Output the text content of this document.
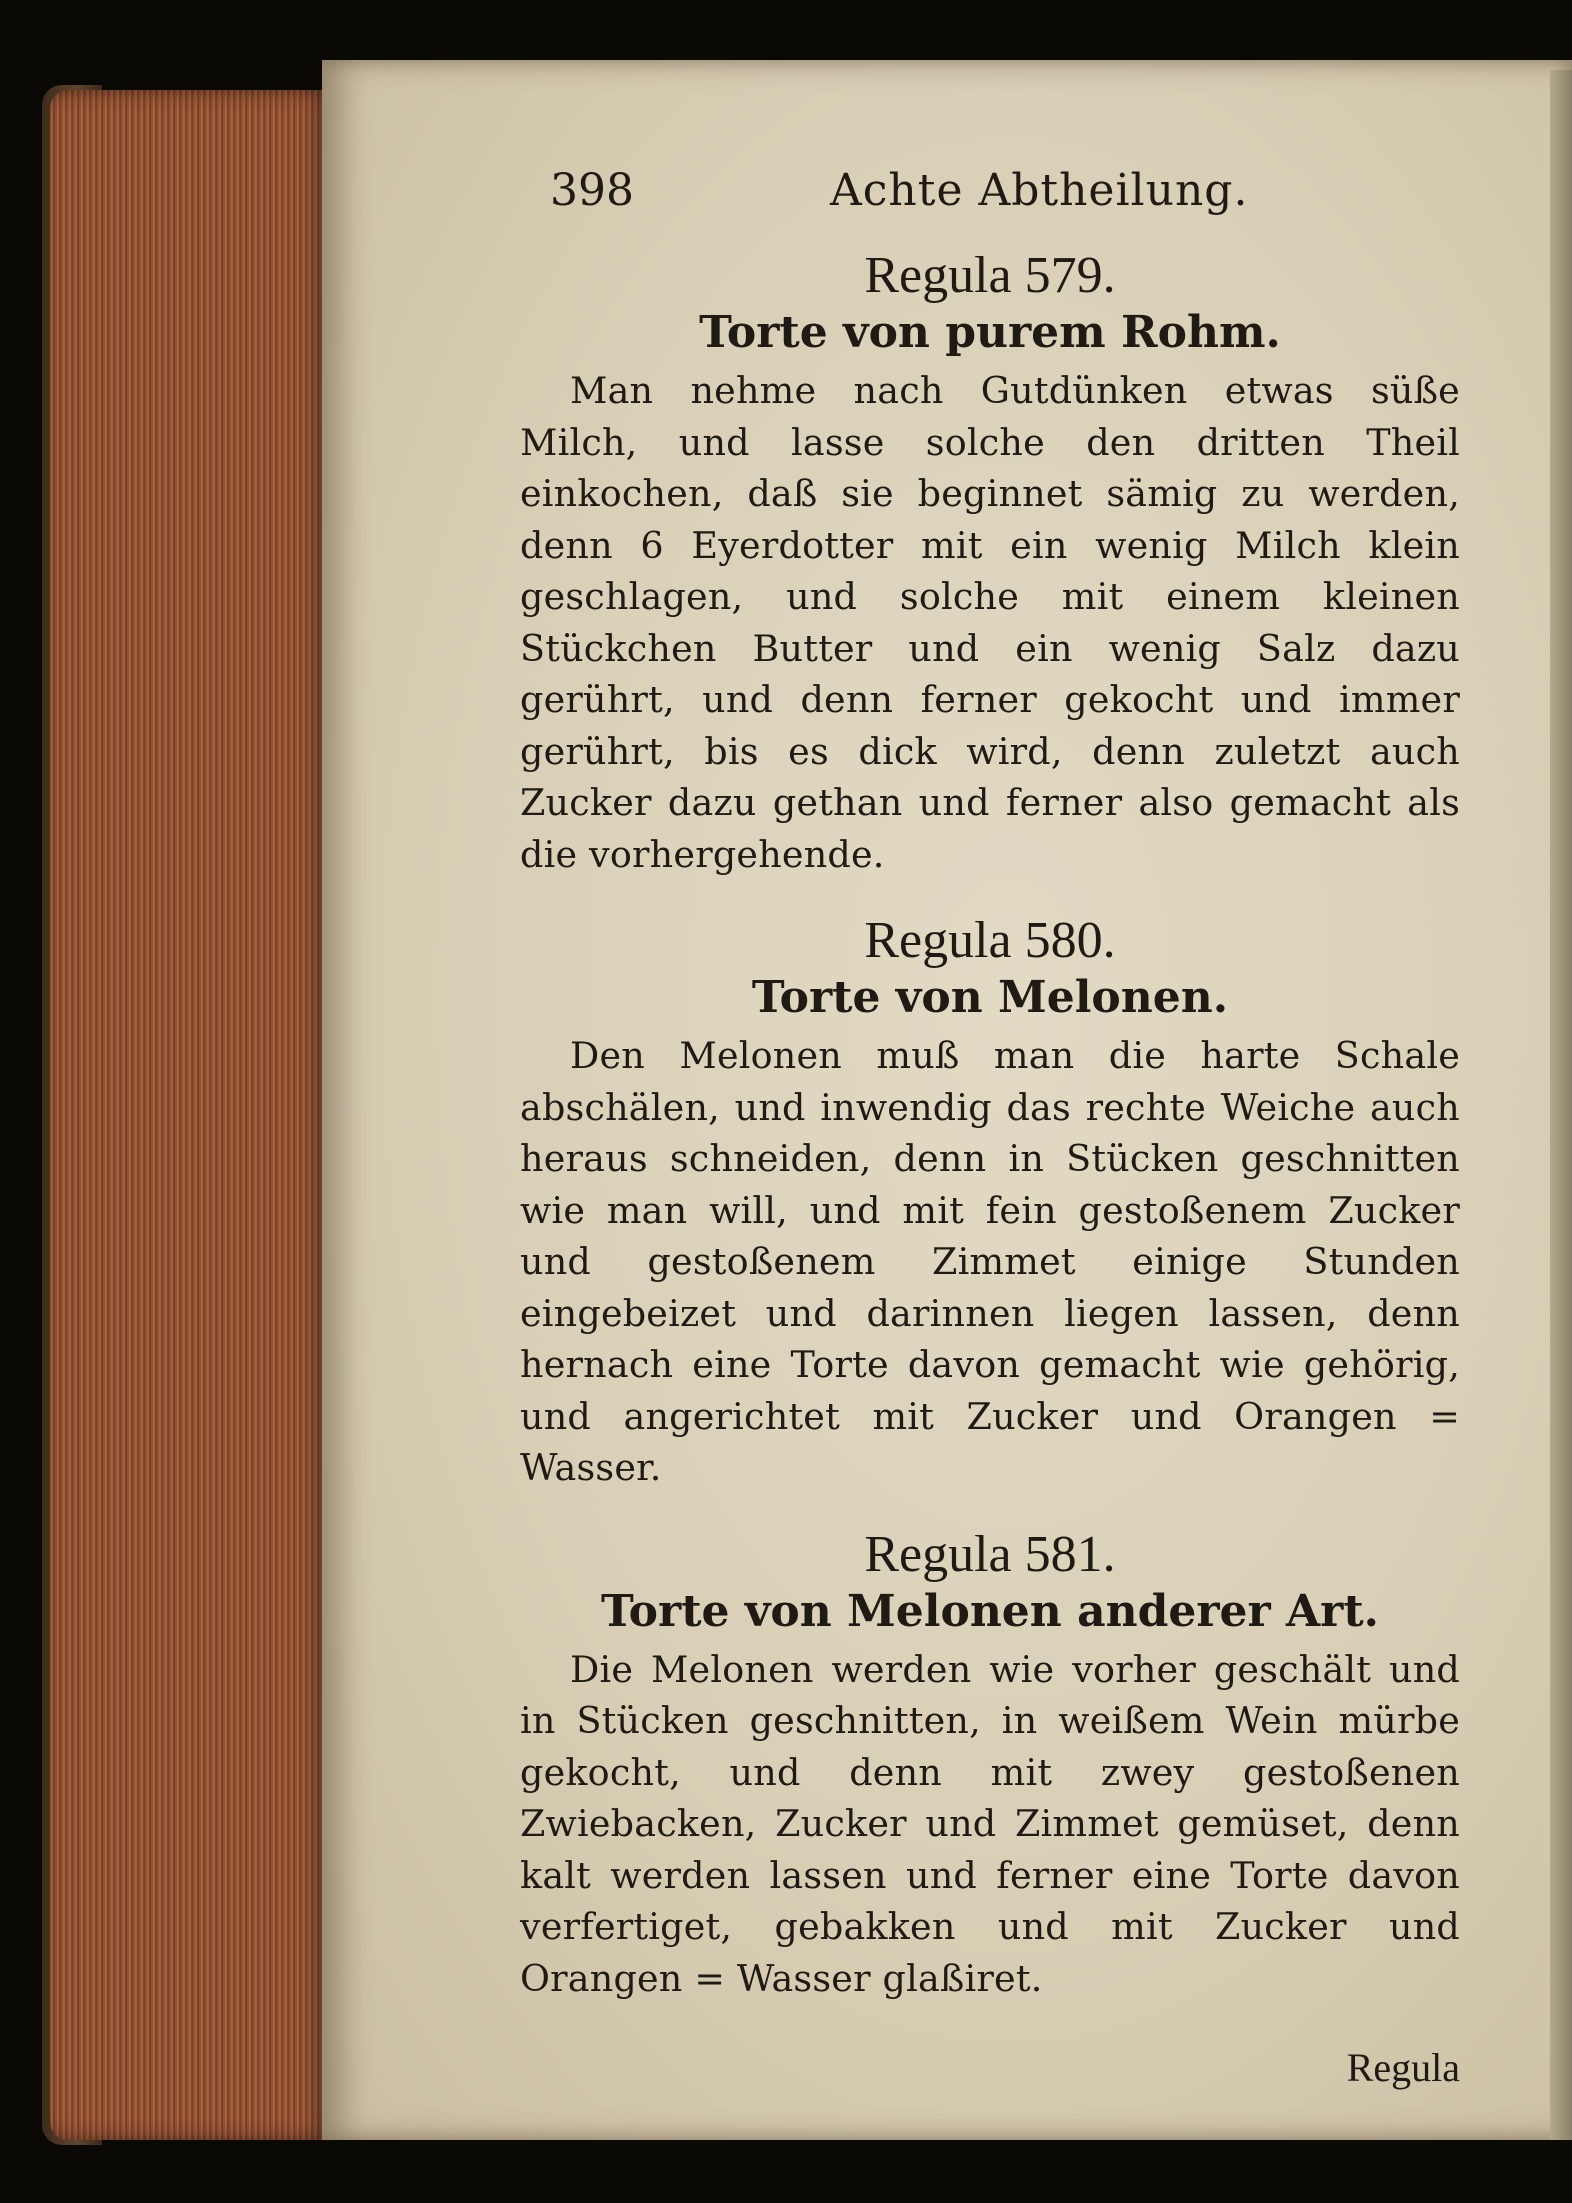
398	Achte Abtheilung.
Regula 579.
Torte von purem Rohm.

Man nehme nach Gutdünken etwas süße Milch, und lasse solche den dritten Theil einkochen, daß sie beginnet sämig zu werden, denn 6 Eyerdotter mit ein wenig Milch klein geschlagen, und solche mit einem kleinen Stückchen Butter und ein wenig Salz dazu gerührt, und denn ferner gekocht und immer gerührt, bis es dick wird, denn zuletzt auch Zucker dazu gethan und ferner also gemacht als die vorhergehende.

Regula 580.
Torte von Melonen.

Den Melonen muß man die harte Schale abschälen, und inwendig das rechte Weiche auch heraus schneiden, denn in Stücken geschnitten wie man will, und mit fein gestoßenem Zucker und gestoßenem Zimmet einige Stunden eingebeizet und darinnen liegen lassen, denn hernach eine Torte davon gemacht wie gehörig, und angerichtet mit Zucker und Orangen = Wasser.

Regula 581.
Torte von Melonen anderer Art.

Die Melonen werden wie vorher geschält und in Stücken geschnitten, in weißem Wein mürbe gekocht, und denn mit zwey gestoßenen Zwiebacken, Zucker und Zimmet gemüset, denn kalt werden lassen und ferner eine Torte davon verfertiget, gebakken und mit Zucker und Orangen = Wasser glaßiret.

Regula
